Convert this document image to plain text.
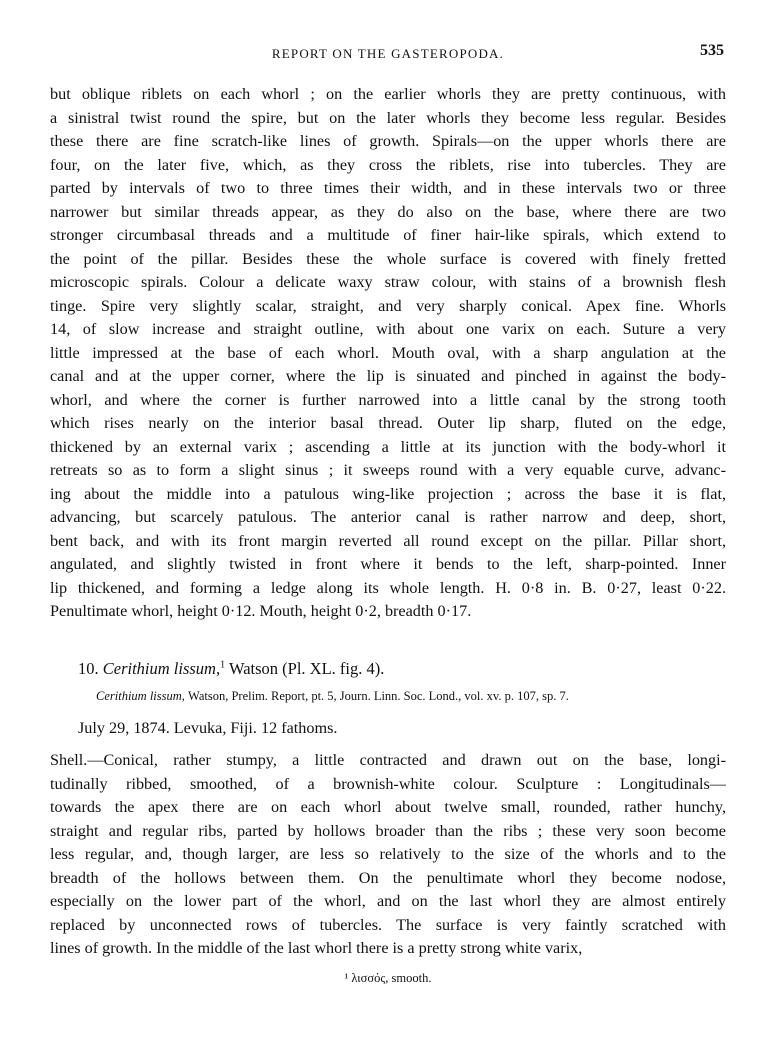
REPORT ON THE GASTEROPODA.	535
but oblique riblets on each whorl ; on the earlier whorls they are pretty continuous, with
a sinistral twist round the spire, but on the later whorls they become less regular. Besides
these there are fine scratch-like lines of growth. Spirals—on the upper whorls there are
four, on the later five, which, as they cross the riblets, rise into tubercles. They are
parted by intervals of two to three times their width, and in these intervals two or three
narrower but similar threads appear, as they do also on the base, where there are two
stronger circumbasal threads and a multitude of finer hair-like spirals, which extend to
the point of the pillar. Besides these the whole surface is covered with finely fretted
microscopic spirals. Colour a delicate waxy straw colour, with stains of a brownish flesh
tinge. Spire very slightly scalar, straight, and very sharply conical. Apex fine. Whorls
14, of slow increase and straight outline, with about one varix on each. Suture a very
little impressed at the base of each whorl. Mouth oval, with a sharp angulation at the
canal and at the upper corner, where the lip is sinuated and pinched in against the body-
whorl, and where the corner is further narrowed into a little canal by the strong tooth
which rises nearly on the interior basal thread. Outer lip sharp, fluted on the edge,
thickened by an external varix ; ascending a little at its junction with the body-whorl it
retreats so as to form a slight sinus ; it sweeps round with a very equable curve, advanc-
ing about the middle into a patulous wing-like projection ; across the base it is flat,
advancing, but scarcely patulous. The anterior canal is rather narrow and deep, short,
bent back, and with its front margin reverted all round except on the pillar. Pillar short,
angulated, and slightly twisted in front where it bends to the left, sharp-pointed. Inner
lip thickened, and forming a ledge along its whole length. H. 0·8 in. B. 0·27, least 0·22.
Penultimate whorl, height 0·12. Mouth, height 0·2, breadth 0·17.
10. Cerithium lissum,$^1$ Watson (Pl. XL. fig. 4).
Cerithium lissum, Watson, Prelim. Report, pt. 5, Journ. Linn. Soc. Lond., vol. xv. p. 107, sp. 7.
July 29, 1874. Levuka, Fiji. 12 fathoms.
Shell.—Conical, rather stumpy, a little contracted and drawn out on the base, longi-
tudinally ribbed, smoothed, of a brownish-white colour. Sculpture : Longitudinals—
towards the apex there are on each whorl about twelve small, rounded, rather hunchy,
straight and regular ribs, parted by hollows broader than the ribs ; these very soon become
less regular, and, though larger, are less so relatively to the size of the whorls and to the
breadth of the hollows between them. On the penultimate whorl they become nodose,
especially on the lower part of the whorl, and on the last whorl they are almost entirely
replaced by unconnected rows of tubercles. The surface is very faintly scratched with
lines of growth. In the middle of the last whorl there is a pretty strong white varix,
¹ λισσός, smooth.
